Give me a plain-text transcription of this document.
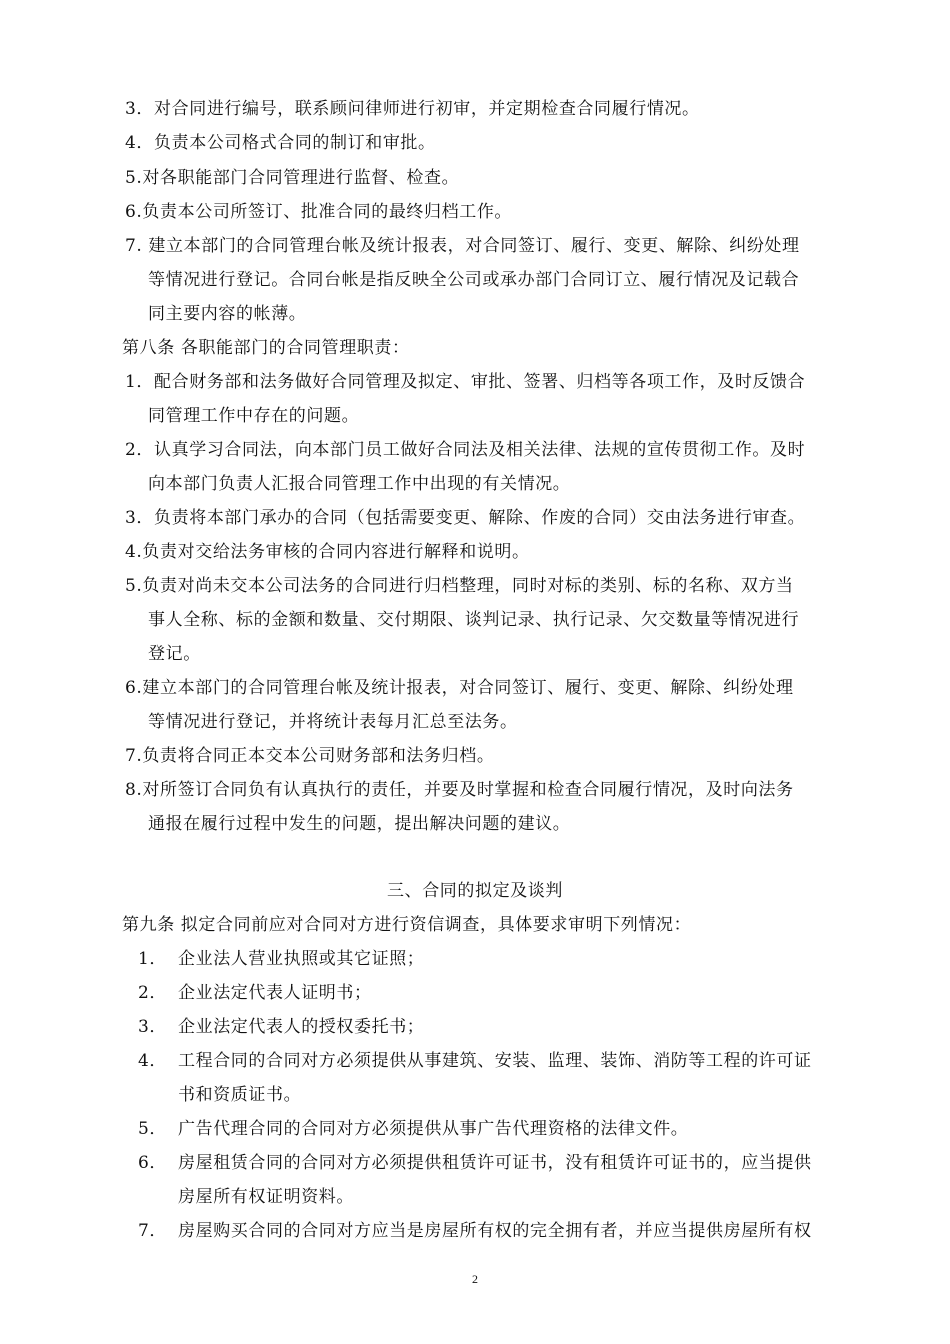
3．对合同进行编号，联系顾问律师进行初审，并定期检查合同履行情况。
4．负责本公司格式合同的制订和审批。
5.对各职能部门合同管理进行监督、检查。
6.负责本公司所签订、批准合同的最终归档工作。
7. 建立本部门的合同管理台帐及统计报表，对合同签订、履行、变更、解除、纠纷处理
等情况进行登记。合同台帐是指反映全公司或承办部门合同订立、履行情况及记载合
同主要内容的帐薄。
第八条 各职能部门的合同管理职责：
1．配合财务部和法务做好合同管理及拟定、审批、签署、归档等各项工作，及时反馈合
同管理工作中存在的问题。
2．认真学习合同法，向本部门员工做好合同法及相关法律、法规的宣传贯彻工作。及时
向本部门负责人汇报合同管理工作中出现的有关情况。
3．负责将本部门承办的合同（包括需要变更、解除、作废的合同）交由法务进行审查。
4.负责对交给法务审核的合同内容进行解释和说明。
5.负责对尚未交本公司法务的合同进行归档整理，同时对标的类别、标的名称、双方当
事人全称、标的金额和数量、交付期限、谈判记录、执行记录、欠交数量等情况进行
登记。
6.建立本部门的合同管理台帐及统计报表，对合同签订、履行、变更、解除、纠纷处理
等情况进行登记，并将统计表每月汇总至法务。
7.负责将合同正本交本公司财务部和法务归档。
8.对所签订合同负有认真执行的责任，并要及时掌握和检查合同履行情况，及时向法务
通报在履行过程中发生的问题，提出解决问题的建议。
三、合同的拟定及谈判
第九条 拟定合同前应对合同对方进行资信调查，具体要求审明下列情况：
1． 企业法人营业执照或其它证照；
2． 企业法定代表人证明书；
3． 企业法定代表人的授权委托书；
4． 工程合同的合同对方必须提供从事建筑、安装、监理、装饰、消防等工程的许可证
书和资质证书。
5． 广告代理合同的合同对方必须提供从事广告代理资格的法律文件。
6． 房屋租赁合同的合同对方必须提供租赁许可证书，没有租赁许可证书的，应当提供
房屋所有权证明资料。
7． 房屋购买合同的合同对方应当是房屋所有权的完全拥有者，并应当提供房屋所有权
2
